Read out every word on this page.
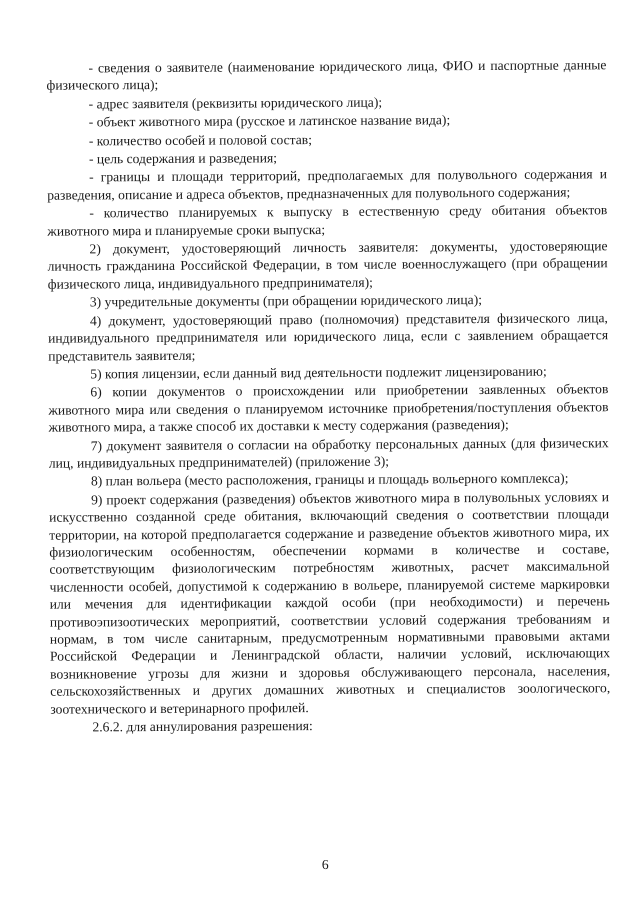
- сведения о заявителе (наименование юридического лица, ФИО и паспортные данные физического лица);

- адрес заявителя (реквизиты юридического лица);

- объект животного мира (русское и латинское название вида);

- количество особей и половой состав;

- цель содержания и разведения;

- границы и площади территорий, предполагаемых для полувольного содержания и разведения, описание и адреса объектов, предназначенных для полувольного содержания;

- количество планируемых к выпуску в естественную среду обитания объектов животного мира и планируемые сроки выпуска;

2) документ, удостоверяющий личность заявителя: документы, удостоверяющие личность гражданина Российской Федерации, в том числе военнослужащего (при обращении физического лица, индивидуального предпринимателя);

3) учредительные документы (при обращении юридического лица);

4) документ, удостоверяющий право (полномочия) представителя физического лица, индивидуального предпринимателя или юридического лица, если с заявлением обращается представитель заявителя;

5) копия лицензии, если данный вид деятельности подлежит лицензированию;

6) копии документов о происхождении или приобретении заявленных объектов животного мира или сведения о планируемом источнике приобретения/поступления объектов животного мира, а также способ их доставки к месту содержания (разведения);

7) документ заявителя о согласии на обработку персональных данных (для физических лиц, индивидуальных предпринимателей) (приложение 3);

8) план вольера (место расположения, границы и площадь вольерного комплекса);

9) проект содержания (разведения) объектов животного мира в полувольных условиях и искусственно созданной среде обитания, включающий сведения о соответствии площади территории, на которой предполагается содержание и разведение объектов животного мира, их физиологическим особенностям, обеспечении кормами в количестве и составе, соответствующим физиологическим потребностям животных, расчет максимальной численности особей, допустимой к содержанию в вольере, планируемой системе маркировки или мечения для идентификации каждой особи (при необходимости) и перечень противоэпизоотических мероприятий, соответствии условий содержания требованиям и нормам, в том числе санитарным, предусмотренным нормативными правовыми актами Российской Федерации и Ленинградской области, наличии условий, исключающих возникновение угрозы для жизни и здоровья обслуживающего персонала, населения, сельскохозяйственных и других домашних животных и специалистов зоологического, зоотехнического и ветеринарного профилей.

2.6.2. для аннулирования разрешения:

6
